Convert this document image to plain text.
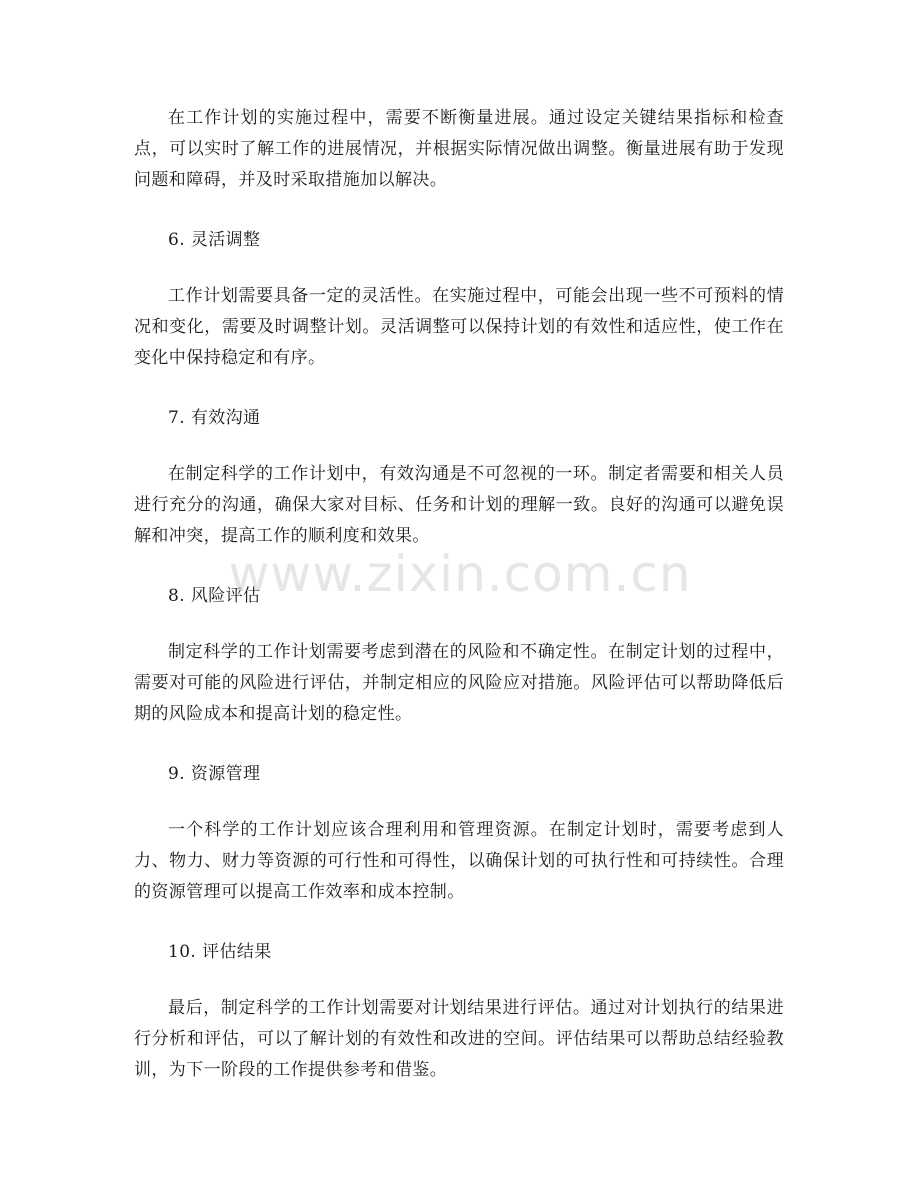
在工作计划的实施过程中，需要不断衡量进展。通过设定关键结果指标和检查点，可以实时了解工作的进展情况，并根据实际情况做出调整。衡量进展有助于发现问题和障碍，并及时采取措施加以解决。

6. 灵活调整

工作计划需要具备一定的灵活性。在实施过程中，可能会出现一些不可预料的情况和变化，需要及时调整计划。灵活调整可以保持计划的有效性和适应性，使工作在变化中保持稳定和有序。

7. 有效沟通

在制定科学的工作计划中，有效沟通是不可忽视的一环。制定者需要和相关人员进行充分的沟通，确保大家对目标、任务和计划的理解一致。良好的沟通可以避免误解和冲突，提高工作的顺利度和效果。

8. 风险评估

制定科学的工作计划需要考虑到潜在的风险和不确定性。在制定计划的过程中，需要对可能的风险进行评估，并制定相应的风险应对措施。风险评估可以帮助降低后期的风险成本和提高计划的稳定性。

9. 资源管理

一个科学的工作计划应该合理利用和管理资源。在制定计划时，需要考虑到人力、物力、财力等资源的可行性和可得性，以确保计划的可执行性和可持续性。合理的资源管理可以提高工作效率和成本控制。

10. 评估结果

最后，制定科学的工作计划需要对计划结果进行评估。通过对计划执行的结果进行分析和评估，可以了解计划的有效性和改进的空间。评估结果可以帮助总结经验教训，为下一阶段的工作提供参考和借鉴。

www.zixin.com.cn
